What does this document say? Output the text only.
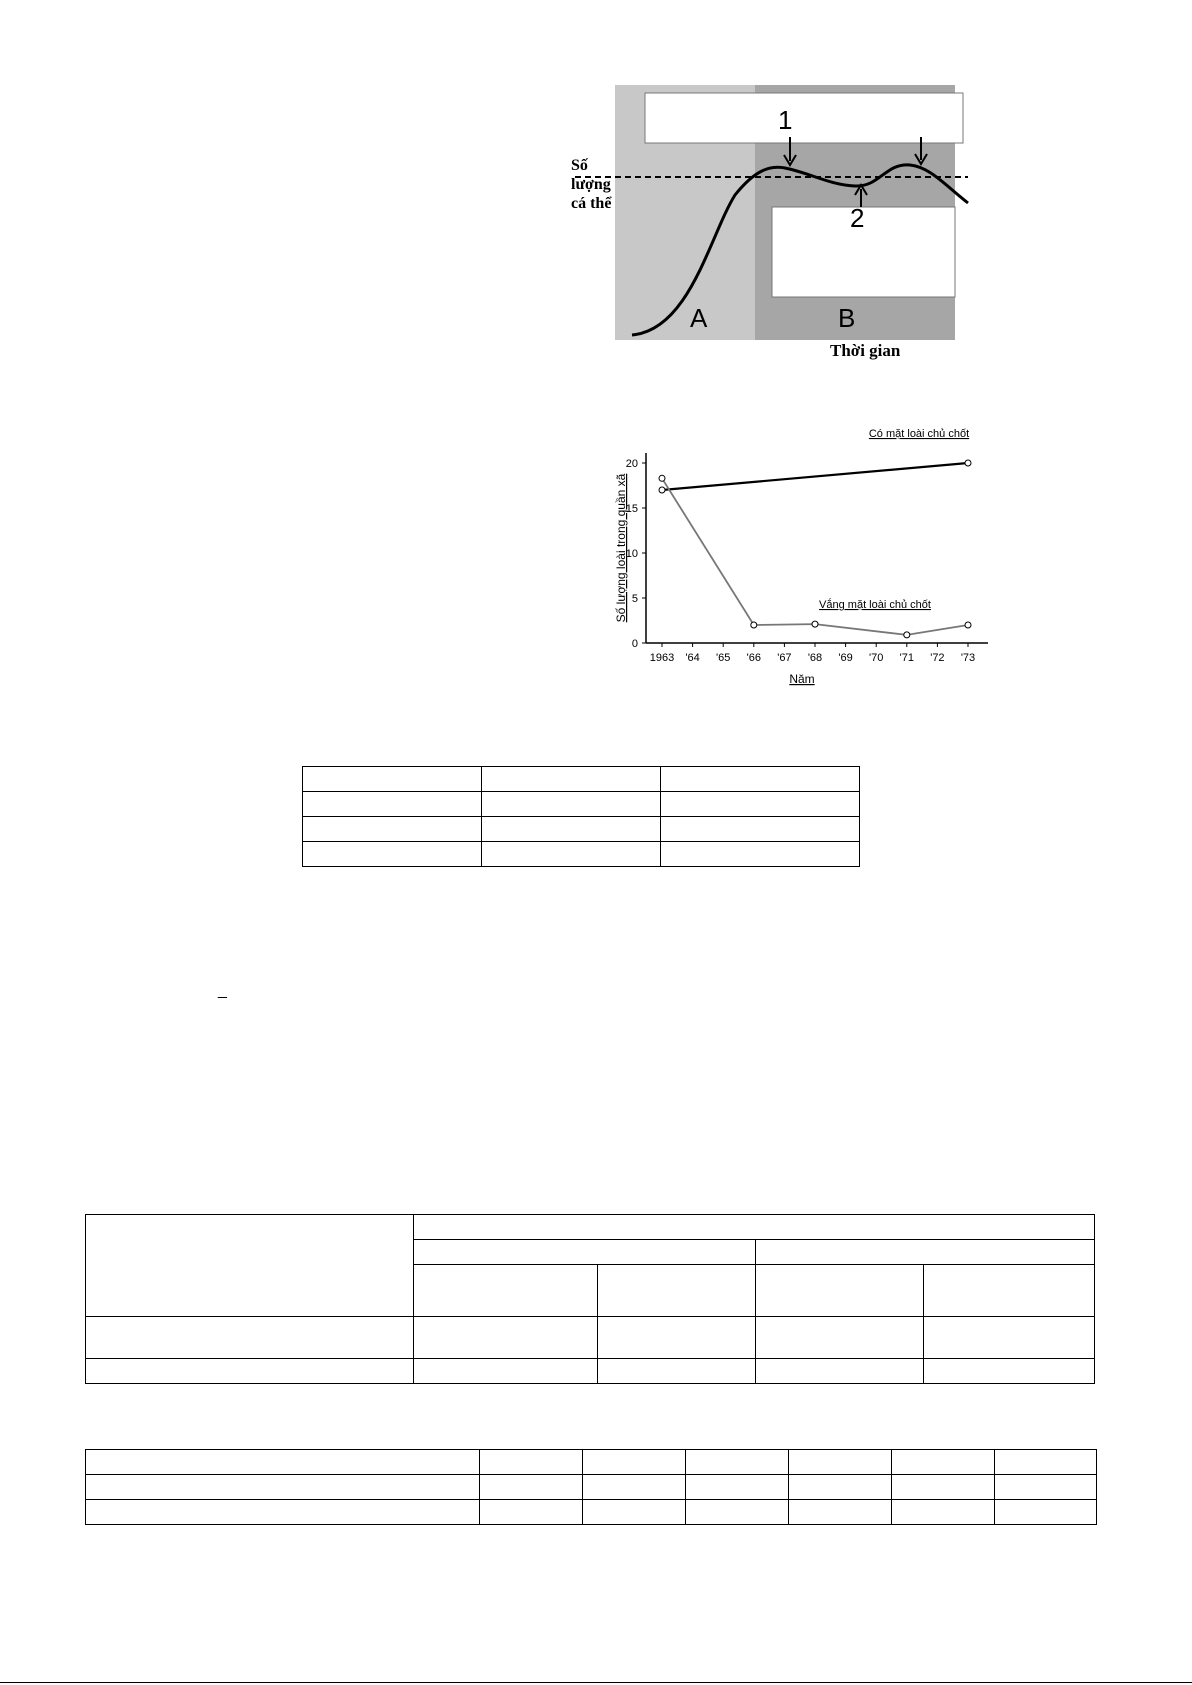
1
2
A	B
Thời gian
Số
lượng
cá thể
0
5
10
15
20
1963 '64 '65 '66 '67 '68 '69 '70 '71 '72 '73
Năm
Số lượng loài trong quần xã
Có mặt loài chủ chốt
Vắng mặt loài chủ chốt

_
